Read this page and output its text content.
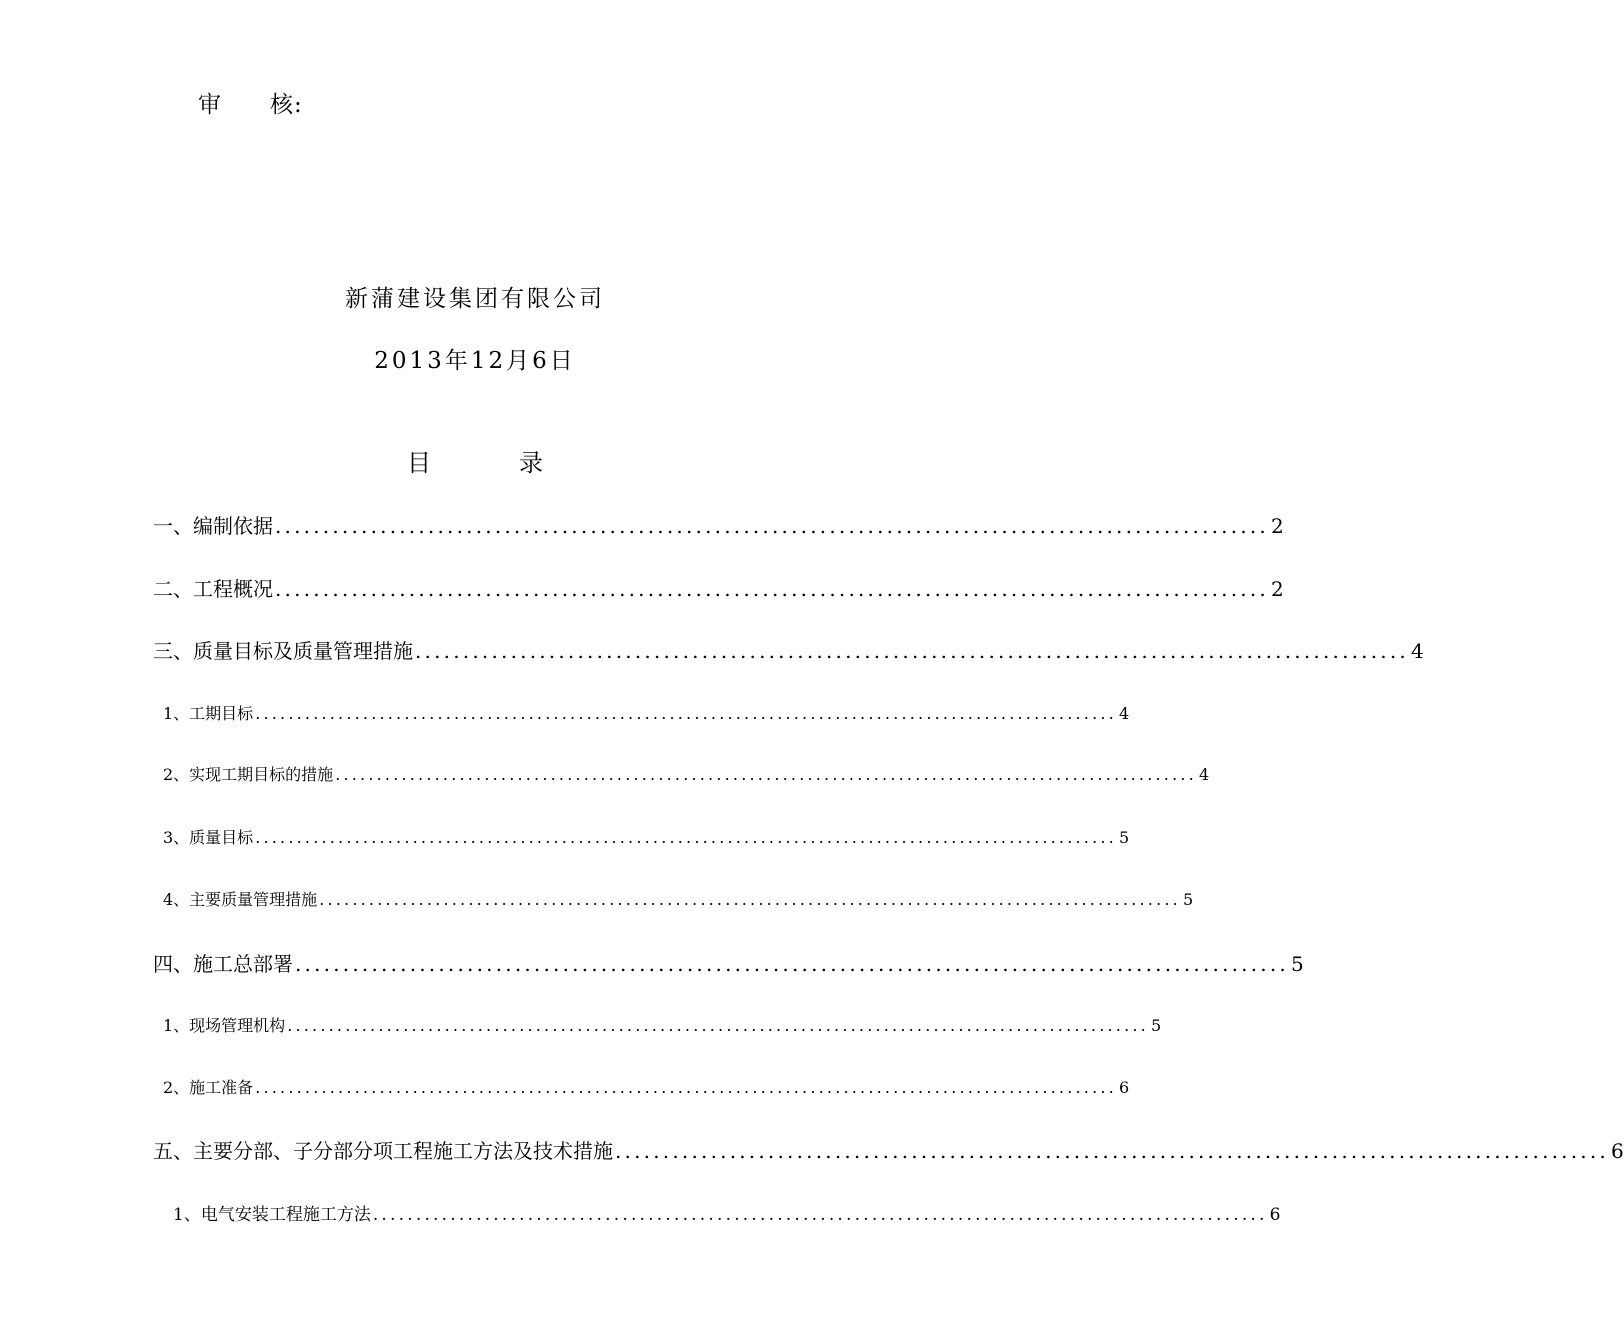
审 核:
新蒲建设集团有限公司
2013年12月6日
目	录
一、编制依据 ........................................................................................................ 2
二、工程概况 ........................................................................................................ 2
三、质量目标及质量管理措施 ........................................................................................................ 4
1、工期目标 ........................................................................................................ 4
2、实现工期目标的措施 ........................................................................................................ 4
3、质量目标 ........................................................................................................ 5
4、主要质量管理措施 ........................................................................................................ 5
四、施工总部署 ........................................................................................................ 5
1、现场管理机构 ........................................................................................................ 5
2、施工准备 ........................................................................................................ 6
五、主要分部、子分部分项工程施工方法及技术措施 ........................................................................................................ 6
1、电气安装工程施工方法 ........................................................................................................ 6
